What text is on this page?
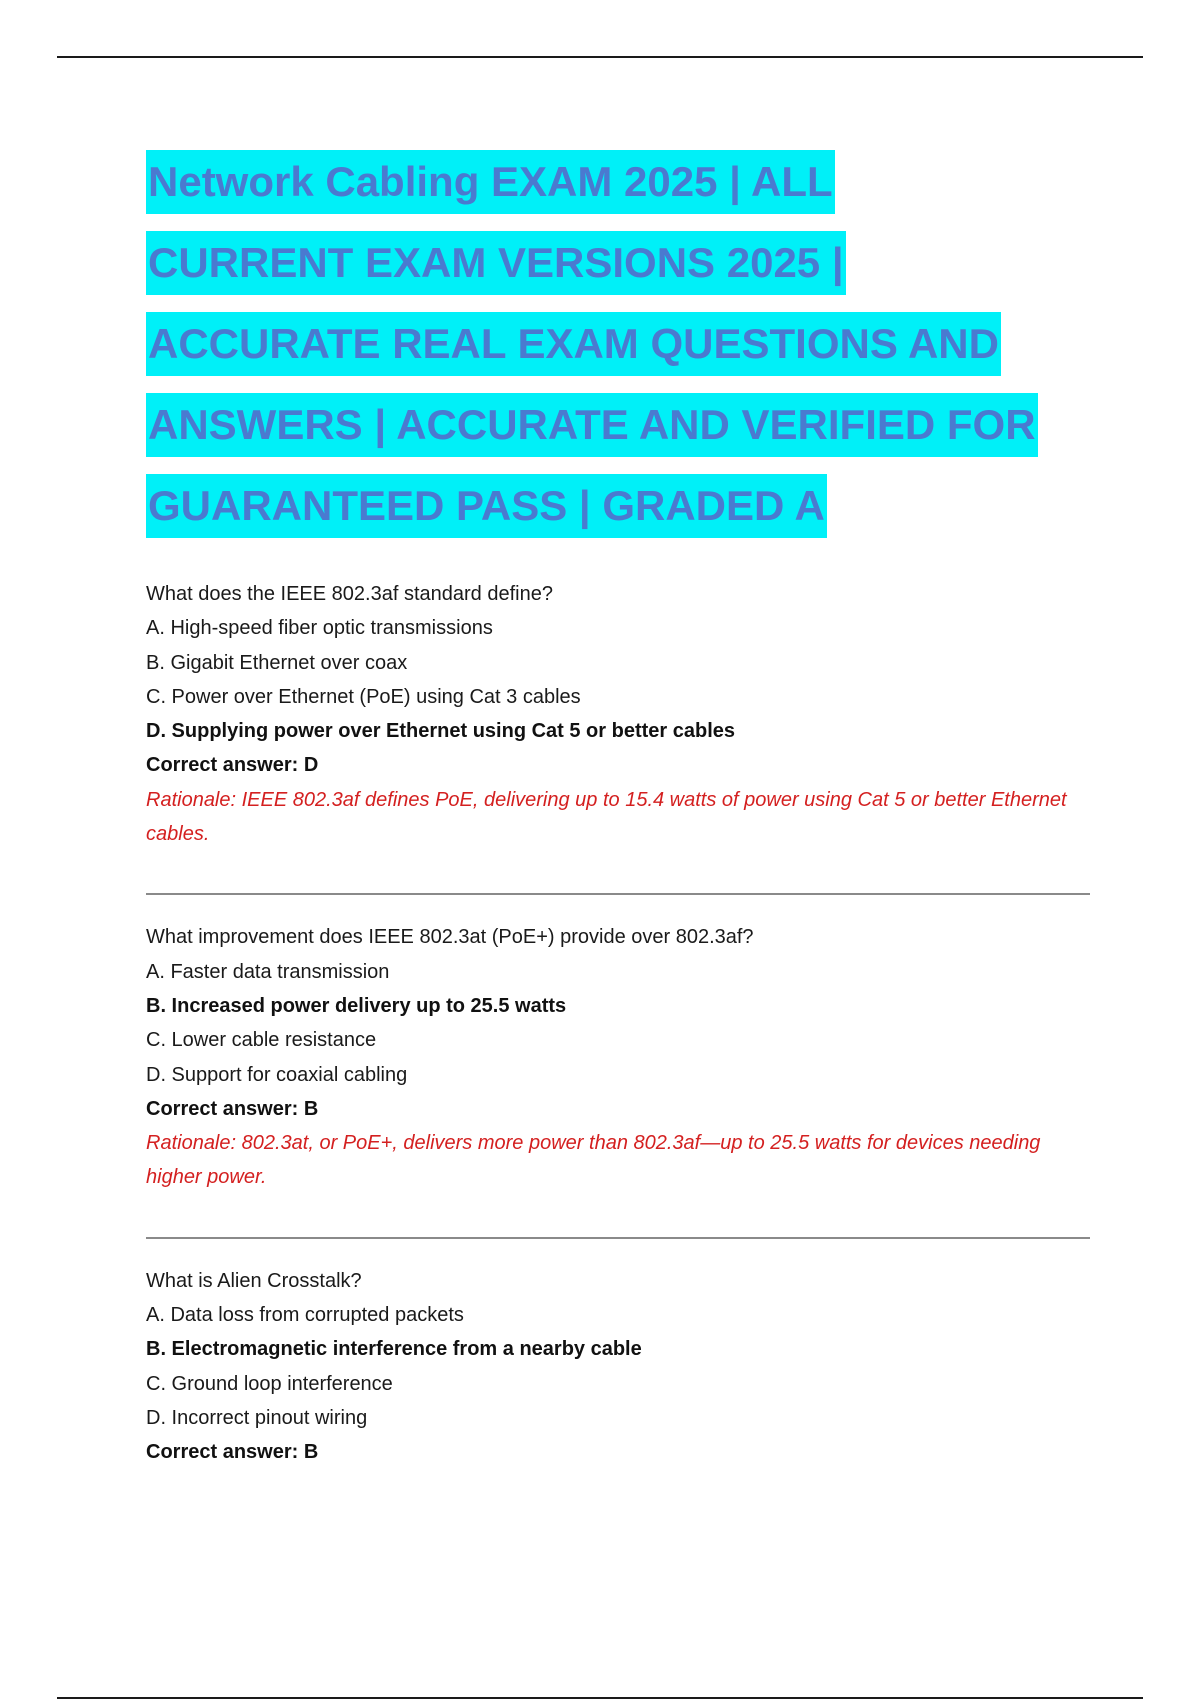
Network Cabling EXAM 2025 | ALL
CURRENT EXAM VERSIONS 2025 |
ACCURATE REAL EXAM QUESTIONS AND
ANSWERS | ACCURATE AND VERIFIED FOR
GUARANTEED PASS | GRADED A
What does the IEEE 802.3af standard define?
A. High-speed fiber optic transmissions
B. Gigabit Ethernet over coax
C. Power over Ethernet (PoE) using Cat 3 cables
D. Supplying power over Ethernet using Cat 5 or better cables
Correct answer: D
Rationale: IEEE 802.3af defines PoE, delivering up to 15.4 watts of power using Cat 5 or better Ethernet cables.
What improvement does IEEE 802.3at (PoE+) provide over 802.3af?
A. Faster data transmission
B. Increased power delivery up to 25.5 watts
C. Lower cable resistance
D. Support for coaxial cabling
Correct answer: B
Rationale: 802.3at, or PoE+, delivers more power than 802.3af—up to 25.5 watts for devices needing higher power.
What is Alien Crosstalk?
A. Data loss from corrupted packets
B. Electromagnetic interference from a nearby cable
C. Ground loop interference
D. Incorrect pinout wiring
Correct answer: B
